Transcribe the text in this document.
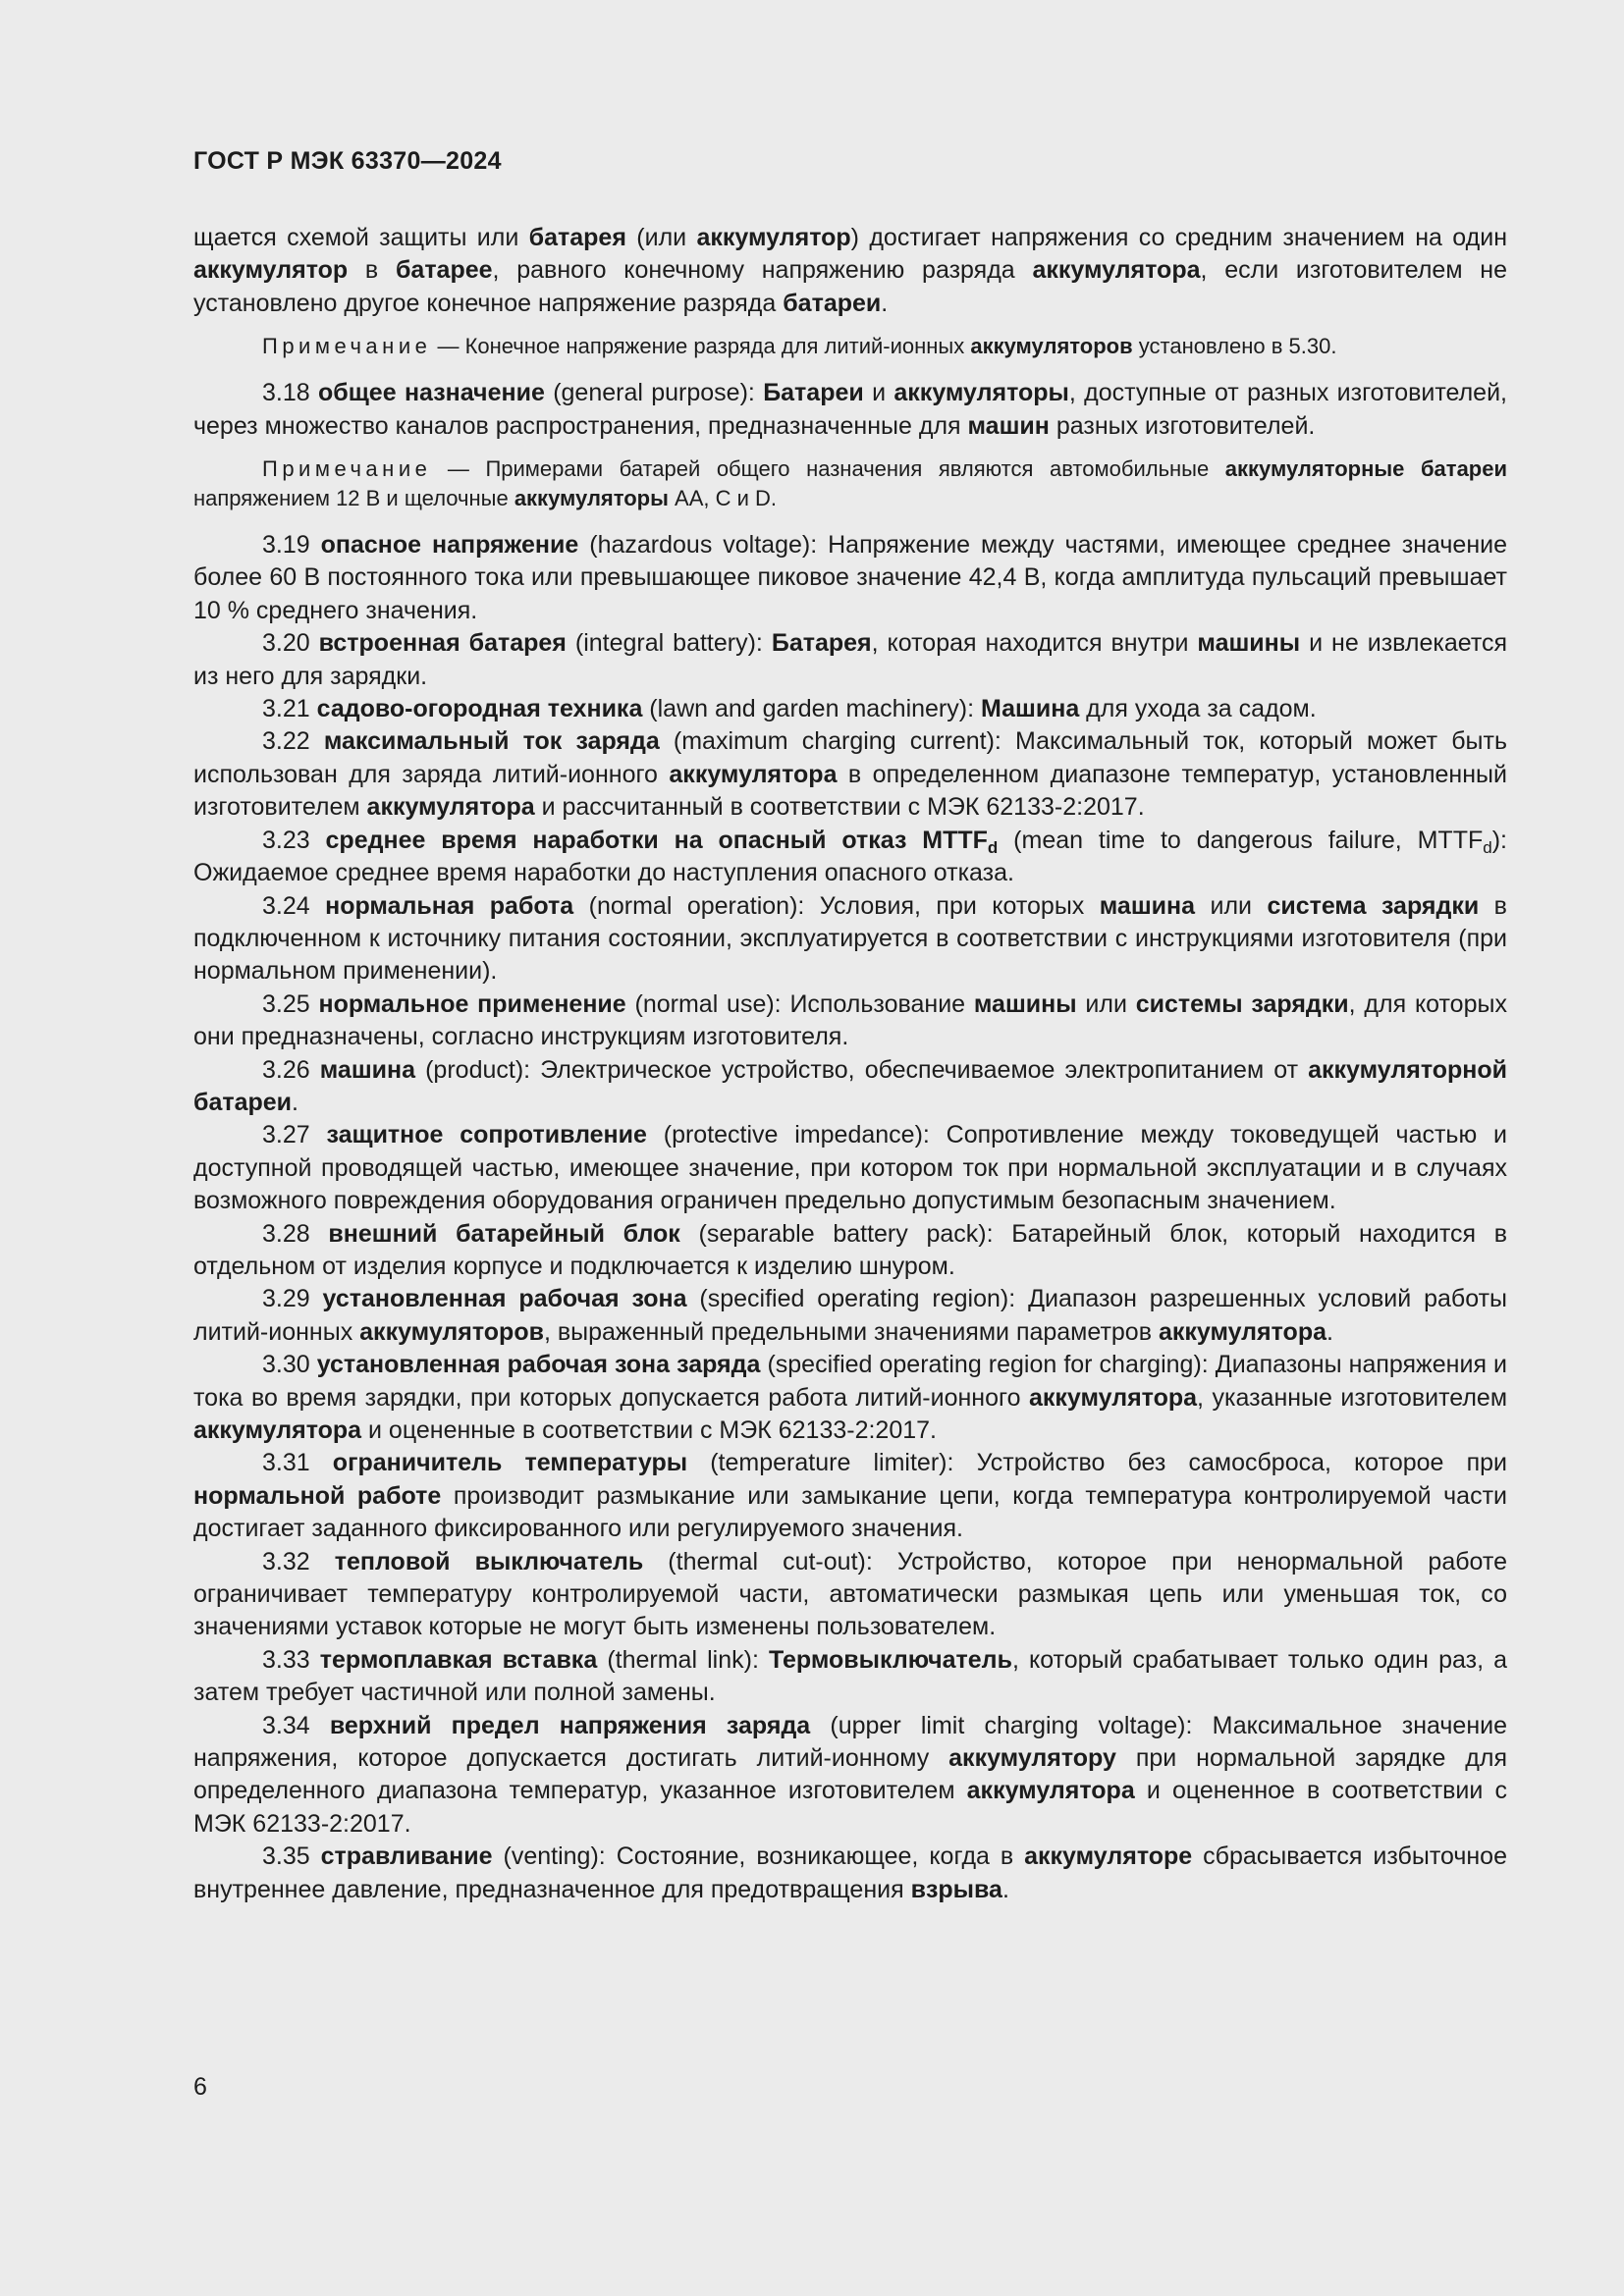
ГОСТ Р МЭК 63370—2024

щается схемой защиты или батарея (или аккумулятор) достигает напряжения со средним значением на один аккумулятор в батарее, равного конечному напряжению разряда аккумулятора, если изготовителем не установлено другое конечное напряжение разряда батареи.

Примечание — Конечное напряжение разряда для литий-ионных аккумуляторов установлено в 5.30.

3.18 общее назначение (general purpose): Батареи и аккумуляторы, доступные от разных изготовителей, через множество каналов распространения, предназначенные для машин разных изготовителей.

Примечание — Примерами батарей общего назначения являются автомобильные аккумуляторные батареи напряжением 12 В и щелочные аккумуляторы АА, С и D.

3.19 опасное напряжение (hazardous voltage): Напряжение между частями, имеющее среднее значение более 60 В постоянного тока или превышающее пиковое значение 42,4 В, когда амплитуда пульсаций превышает 10 % среднего значения.

3.20 встроенная батарея (integral battery): Батарея, которая находится внутри машины и не извлекается из него для зарядки.

3.21 садово-огородная техника (lawn and garden machinery): Машина для ухода за садом.

3.22 максимальный ток заряда (maximum charging current): Максимальный ток, который может быть использован для заряда литий-ионного аккумулятора в определенном диапазоне температур, установленный изготовителем аккумулятора и рассчитанный в соответствии с МЭК 62133-2:2017.

3.23 среднее время наработки на опасный отказ $MTTF_d$ (mean time to dangerous failure, $MTTF_d$): Ожидаемое среднее время наработки до наступления опасного отказа.

3.24 нормальная работа (normal operation): Условия, при которых машина или система зарядки в подключенном к источнику питания состоянии, эксплуатируется в соответствии с инструкциями изготовителя (при нормальном применении).

3.25 нормальное применение (normal use): Использование машины или системы зарядки, для которых они предназначены, согласно инструкциям изготовителя.

3.26 машина (product): Электрическое устройство, обеспечиваемое электропитанием от аккумуляторной батареи.

3.27 защитное сопротивление (protective impedance): Сопротивление между токоведущей частью и доступной проводящей частью, имеющее значение, при котором ток при нормальной эксплуатации и в случаях возможного повреждения оборудования ограничен предельно допустимым безопасным значением.

3.28 внешний батарейный блок (separable battery pack): Батарейный блок, который находится в отдельном от изделия корпусе и подключается к изделию шнуром.

3.29 установленная рабочая зона (specified operating region): Диапазон разрешенных условий работы литий-ионных аккумуляторов, выраженный предельными значениями параметров аккумулятора.

3.30 установленная рабочая зона заряда (specified operating region for charging): Диапазоны напряжения и тока во время зарядки, при которых допускается работа литий-ионного аккумулятора, указанные изготовителем аккумулятора и оцененные в соответствии с МЭК 62133-2:2017.

3.31 ограничитель температуры (temperature limiter): Устройство без самосброса, которое при нормальной работе производит размыкание или замыкание цепи, когда температура контролируемой части достигает заданного фиксированного или регулируемого значения.

3.32 тепловой выключатель (thermal cut-out): Устройство, которое при ненормальной работе ограничивает температуру контролируемой части, автоматически размыкая цепь или уменьшая ток, со значениями уставок которые не могут быть изменены пользователем.

3.33 термоплавкая вставка (thermal link): Термовыключатель, который срабатывает только один раз, а затем требует частичной или полной замены.

3.34 верхний предел напряжения заряда (upper limit charging voltage): Максимальное значение напряжения, которое допускается достигать литий-ионному аккумулятору при нормальной зарядке для определенного диапазона температур, указанное изготовителем аккумулятора и оцененное в соответствии с МЭК 62133-2:2017.

3.35 стравливание (venting): Состояние, возникающее, когда в аккумуляторе сбрасывается избыточное внутреннее давление, предназначенное для предотвращения взрыва.

6
